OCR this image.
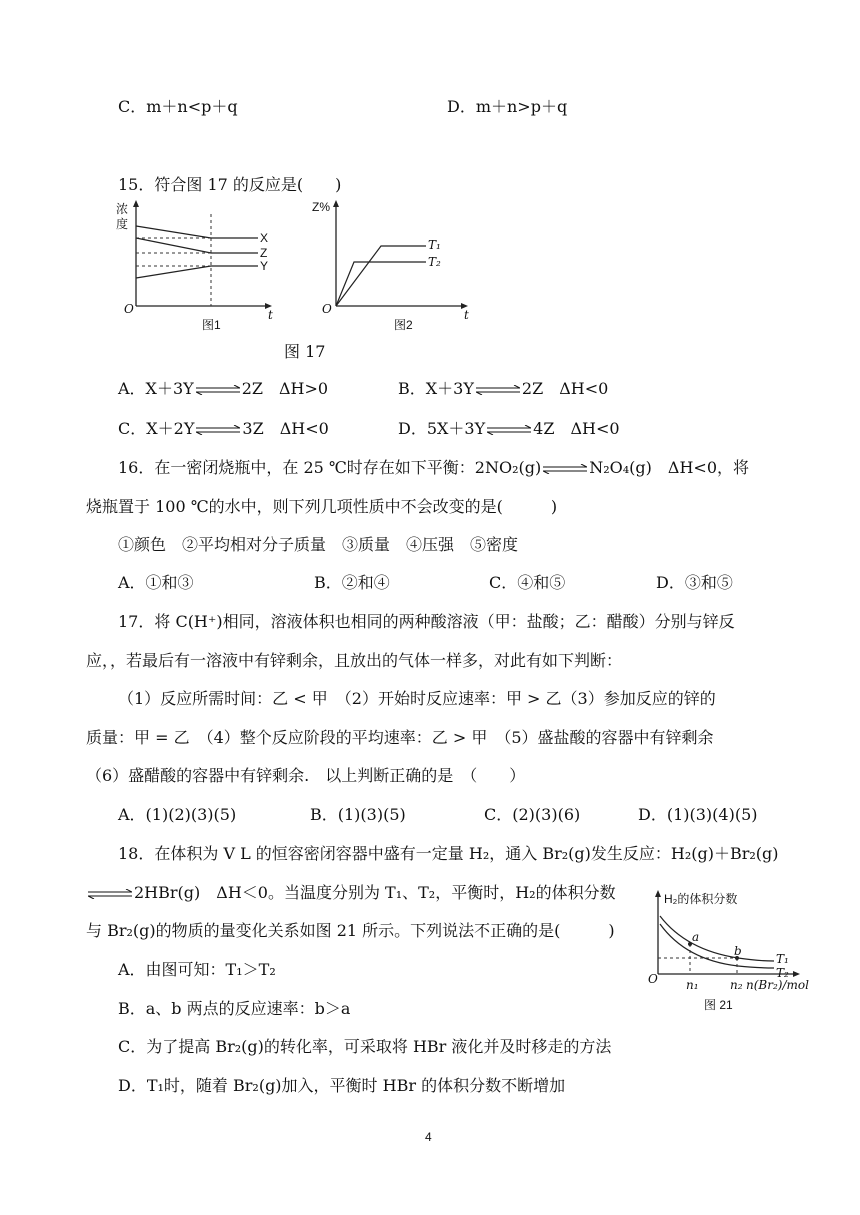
C．m＋n<p＋q	D．m＋n>p＋q
15．符合图 17 的反应是(　　)
浓
度
O	t
X
Z
Y
图1
Z%
O	t
T₁
T₂
图2
图 17
A．X＋3Y ⇌ 2Z　ΔH>0	B．X＋3Y ⇌ 2Z　ΔH<0
C．X＋2Y ⇌ 3Z　ΔH<0	D．5X＋3Y ⇌ 4Z　ΔH<0
16．在一密闭烧瓶中，在 25 ℃时存在如下平衡：2NO₂(g) ⇌ N₂O₄(g)　ΔH<0，将
烧瓶置于 100 ℃的水中，则下列几项性质中不会改变的是(　　　)
①颜色　②平均相对分子质量　③质量　④压强　⑤密度
A．①和③	B．②和④	C．④和⑤	D．③和⑤
17．将 C(H⁺)相同，溶液体积也相同的两种酸溶液（甲：盐酸；乙：醋酸）分别与锌反
应，，若最后有一溶液中有锌剩余，且放出的气体一样多，对此有如下判断：
（1）反应所需时间：乙 < 甲　（2）开始时反应速率：甲 > 乙（3）参加反应的锌的
质量：甲 = 乙　（4）整个反应阶段的平均速率：乙 > 甲　（5）盛盐酸的容器中有锌剩余
（6）盛醋酸的容器中有锌剩余.　以上判断正确的是　（　　）
A．(1)(2)(3)(5)	B．(1)(3)(5)	C．(2)(3)(6)	D．(1)(3)(4)(5)
18．在体积为 V L 的恒容密闭容器中盛有一定量 H₂，通入 Br₂(g)发生反应：H₂(g)＋Br₂(g)
⇌ 2HBr(g)　ΔH＜0。当温度分别为 T₁、T₂，平衡时，H₂的体积分数
与 Br₂(g)的物质的量变化关系如图 21 所示。下列说法不正确的是(　　　)
A．由图可知：T₁＞T₂
B．a、b 两点的反应速率：b＞a
C．为了提高 Br₂(g)的转化率，可采取将 HBr 液化并及时移走的方法
D．T₁时，随着 Br₂(g)加入，平衡时 HBr 的体积分数不断增加
H₂的体积分数
O
a
b
T₁
T₂
n₁	n₂ n(Br₂)/mol
图 21
4
